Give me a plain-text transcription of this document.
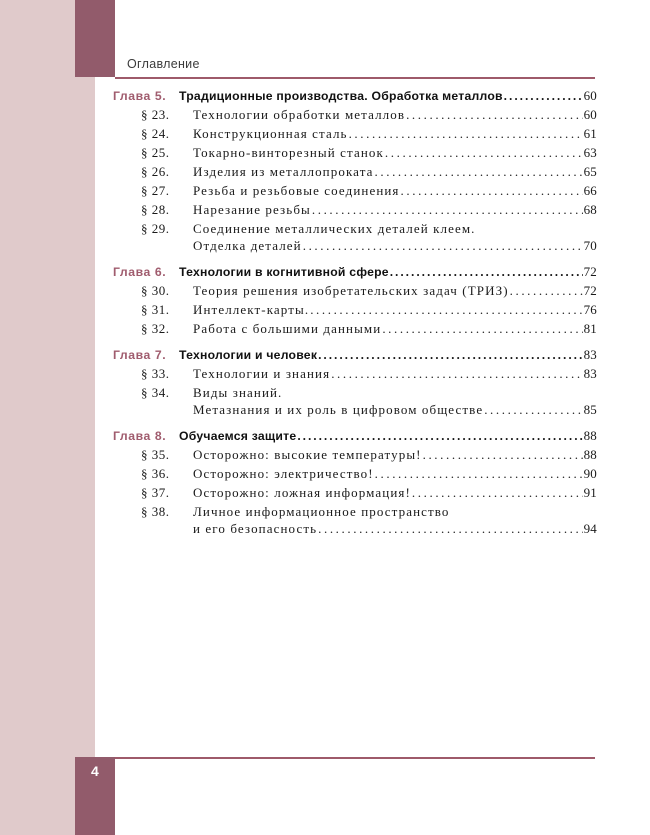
Оглавление
Глава 5.	Традиционные производства. Обработка металлов .....	60
§ 23.	Технологии обработки металлов .....	60
§ 24.	Конструкционная сталь .....	61
§ 25.	Токарно-винторезный станок .....	63
§ 26.	Изделия из металлопроката .....	65
§ 27.	Резьба и резьбовые соединения .....	66
§ 28.	Нарезание резьбы .....	68
§ 29.	Соединение металлических деталей клеем.
Отделка деталей .....	70
Глава 6.	Технологии в когнитивной сфере .....	72
§ 30.	Теория решения изобретательских задач (ТРИЗ) .....	72
§ 31.	Интеллект-карты. .....	76
§ 32.	Работа с большими данными .....	81
Глава 7.	Технологии и человек .....	83
§ 33.	Технологии и знания .....	83
§ 34.	Виды знаний.
Метазнания и их роль в цифровом обществе .....	85
Глава 8.	Обучаемся защите .....	88
§ 35.	Осторожно: высокие температуры! .....	88
§ 36.	Осторожно: электричество! .....	90
§ 37.	Осторожно: ложная информация! .....	91
§ 38.	Личное информационное пространство
и его безопасность .....	94
4
